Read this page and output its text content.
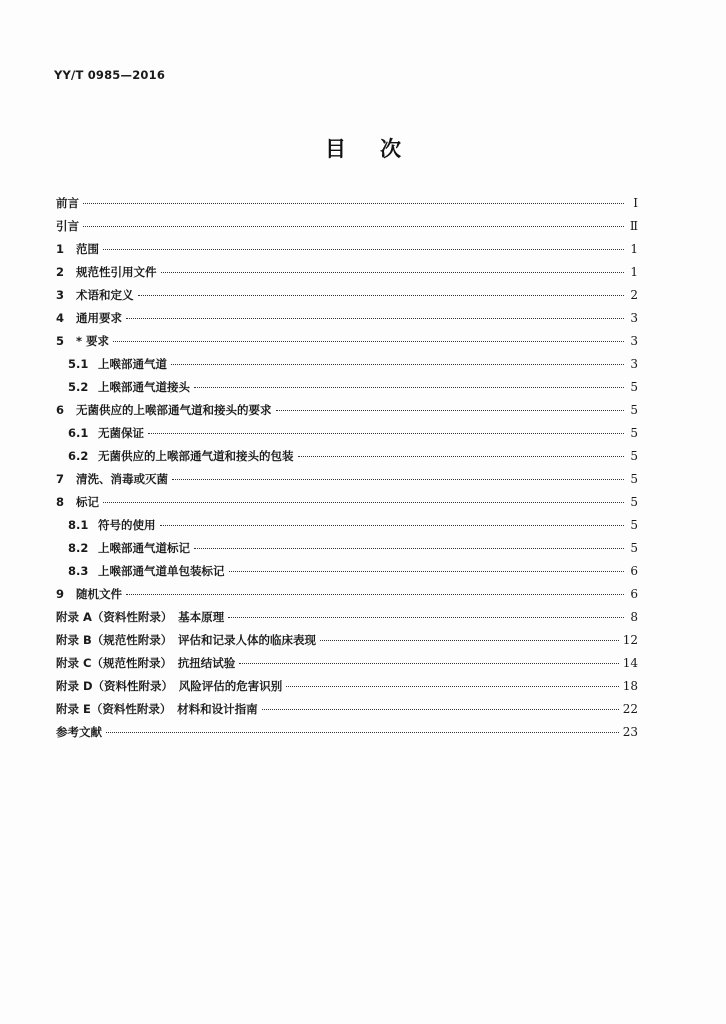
YY/T 0985—2016
目次
前言	Ⅰ
引言	Ⅱ
1	范围	1
2	规范性引用文件	1
3	术语和定义	2
4	通用要求	3
5	* 要求	3
5.1 上喉部通气道	3
5.2 上喉部通气道接头	5
6	无菌供应的上喉部通气道和接头的要求	5
6.1 无菌保证	5
6.2 无菌供应的上喉部通气道和接头的包装	5
7	清洗、消毒或灭菌	5
8	标记	5
8.1 符号的使用	5
8.2 上喉部通气道标记	5
8.3 上喉部通气道单包装标记	6
9	随机文件	6
附录 A（资料性附录）　基本原理	8
附录 B（规范性附录）　评估和记录人体的临床表现	12
附录 C（规范性附录）　抗扭结试验	14
附录 D（资料性附录）　风险评估的危害识别	18
附录 E（资料性附录）　材料和设计指南	22
参考文献	23
